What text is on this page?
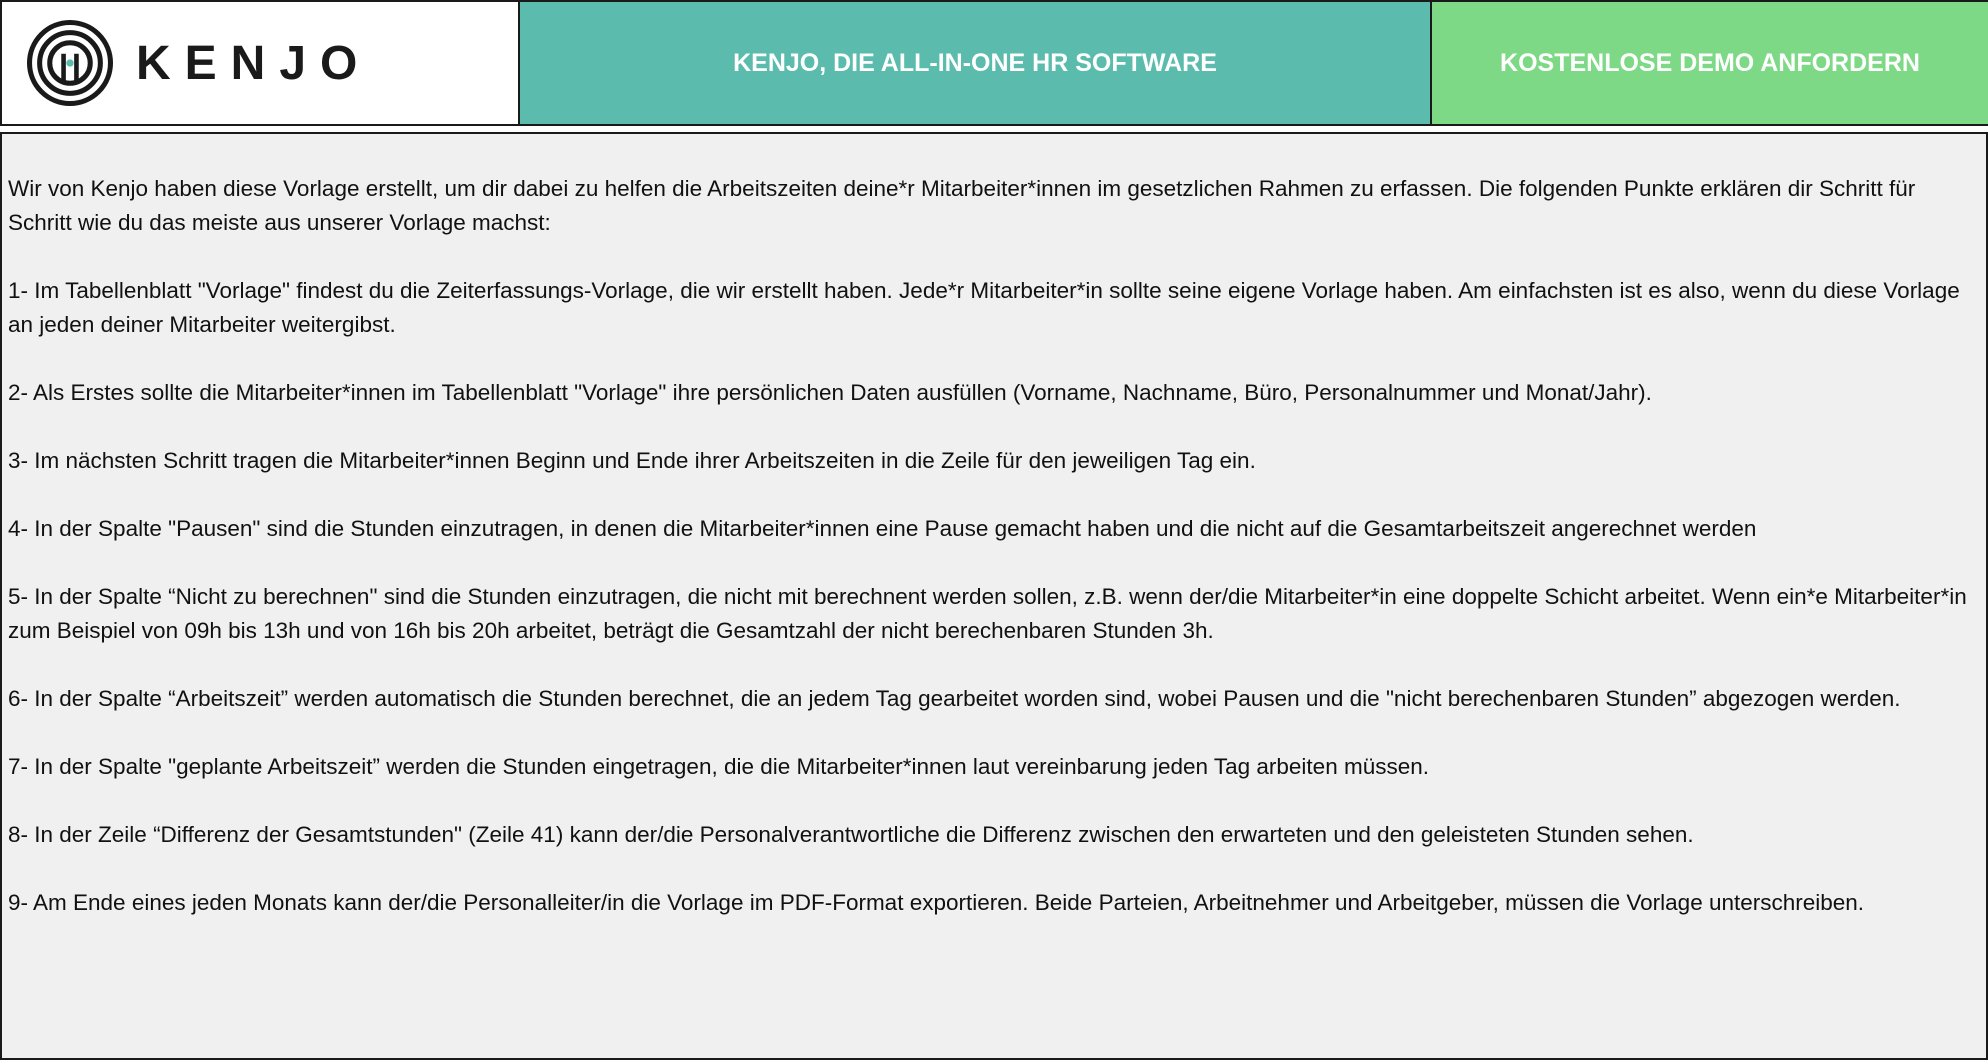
KENJO	KENJO, DIE ALL-IN-ONE HR SOFTWARE	KOSTENLOSE DEMO ANFORDERN

Wir von Kenjo haben diese Vorlage erstellt, um dir dabei zu helfen die Arbeitszeiten deine*r Mitarbeiter*innen im gesetzlichen Rahmen zu erfassen. Die folgenden Punkte erklären dir Schritt für Schritt wie du das meiste aus unserer Vorlage machst:

1- Im Tabellenblatt "Vorlage" findest du die Zeiterfassungs-Vorlage, die wir erstellt haben. Jede*r Mitarbeiter*in sollte seine eigene Vorlage haben. Am einfachsten ist es also, wenn du diese Vorlage an jeden deiner Mitarbeiter weitergibst.

2- Als Erstes sollte die Mitarbeiter*innen im Tabellenblatt "Vorlage" ihre persönlichen Daten ausfüllen (Vorname, Nachname, Büro, Personalnummer und Monat/Jahr).

3- Im nächsten Schritt tragen die Mitarbeiter*innen Beginn und Ende ihrer Arbeitszeiten in die Zeile für den jeweiligen Tag ein.

4- In der Spalte "Pausen" sind die Stunden einzutragen, in denen die Mitarbeiter*innen eine Pause gemacht haben und die nicht auf die Gesamtarbeitszeit angerechnet werden

5- In der Spalte “Nicht zu berechnen" sind die Stunden einzutragen, die nicht mit berechnent werden sollen, z.B. wenn der/die Mitarbeiter*in eine doppelte Schicht arbeitet. Wenn ein*e Mitarbeiter*in zum Beispiel von 09h bis 13h und von 16h bis 20h arbeitet, beträgt die Gesamtzahl der nicht berechenbaren Stunden 3h.

6- In der Spalte “Arbeitszeit” werden automatisch die Stunden berechnet, die an jedem Tag gearbeitet worden sind, wobei Pausen und die "nicht berechenbaren Stunden” abgezogen werden.

7- In der Spalte "geplante Arbeitszeit” werden die Stunden eingetragen, die die Mitarbeiter*innen laut vereinbarung jeden Tag arbeiten müssen.

8- In der Zeile “Differenz der Gesamtstunden" (Zeile 41) kann der/die Personalverantwortliche die Differenz zwischen den erwarteten und den geleisteten Stunden sehen.

9- Am Ende eines jeden Monats kann der/die Personalleiter/in die Vorlage im PDF-Format exportieren. Beide Parteien, Arbeitnehmer und Arbeitgeber, müssen die Vorlage unterschreiben.
